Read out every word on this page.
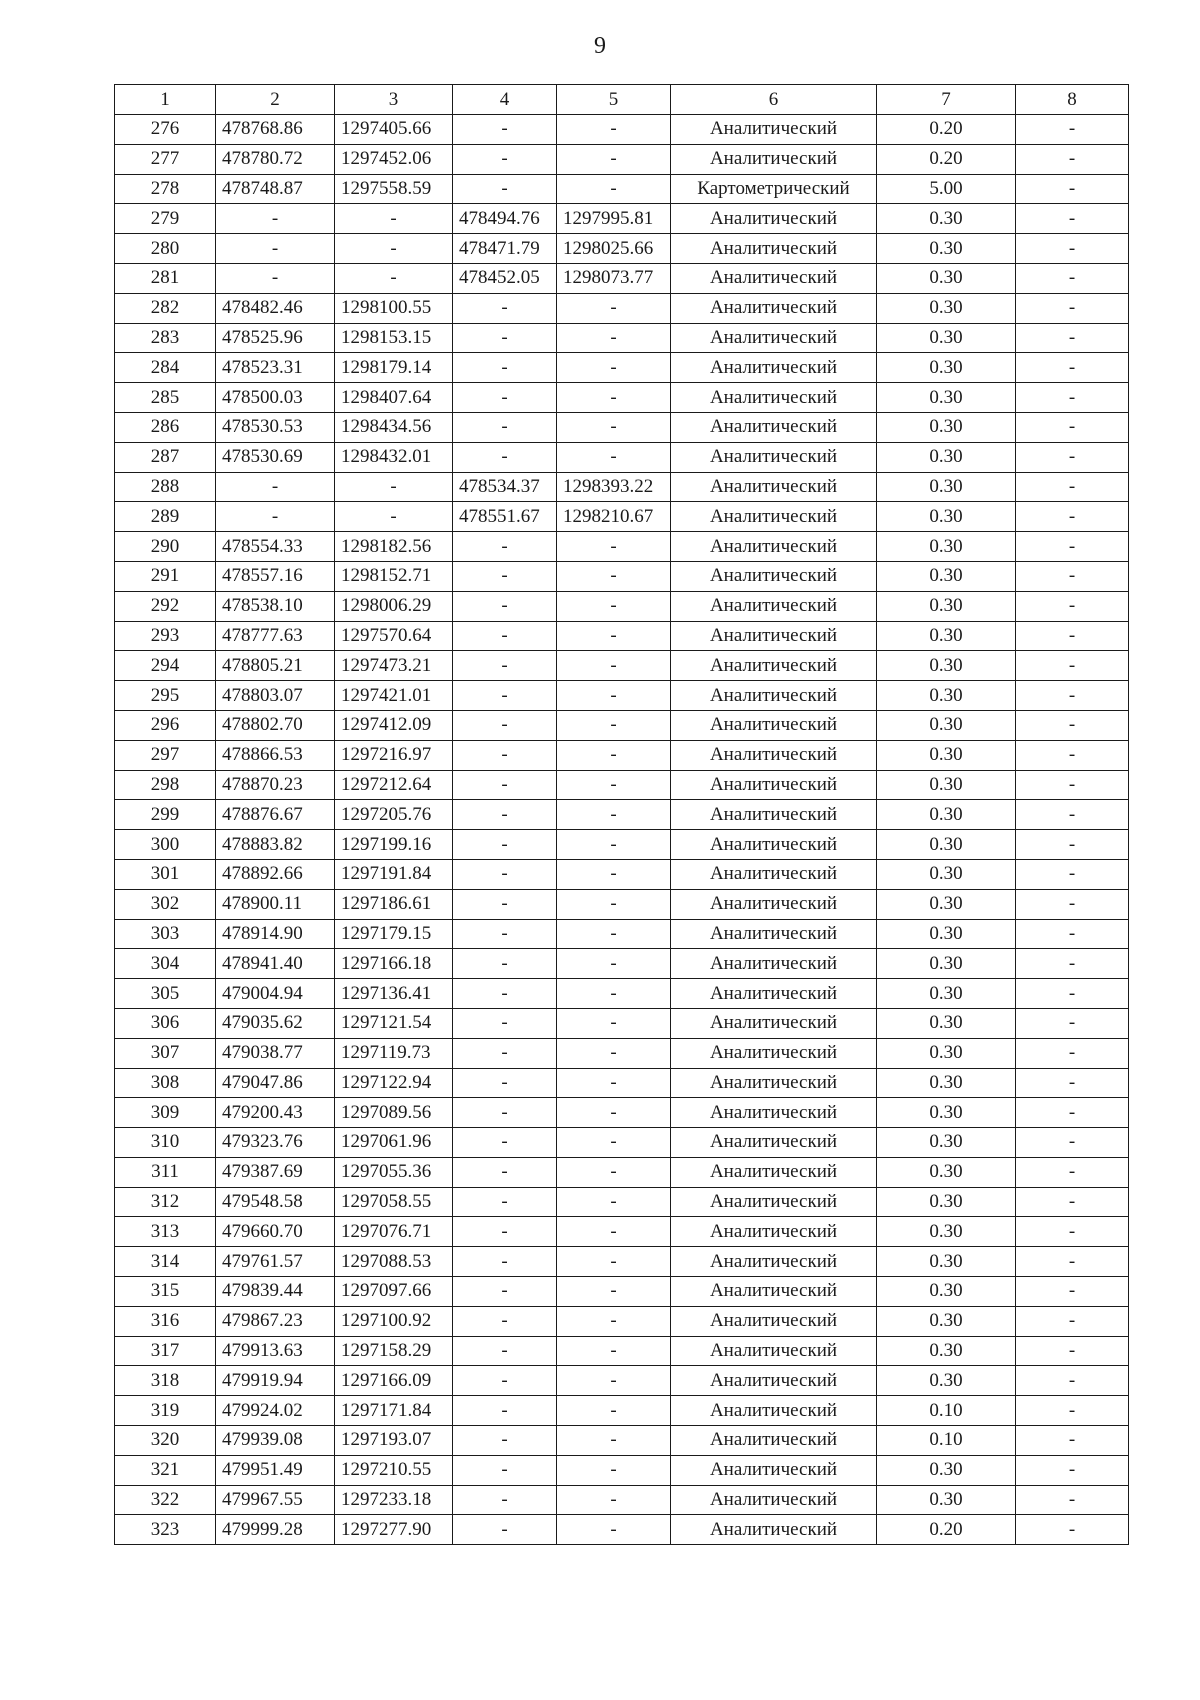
9
1	2	3	4	5	6	7	8
276	478768.86	1297405.66	-	-	Аналитический	0.20	-
277	478780.72	1297452.06	-	-	Аналитический	0.20	-
278	478748.87	1297558.59	-	-	Картометрический	5.00	-
279	-	-	478494.76	1297995.81	Аналитический	0.30	-
280	-	-	478471.79	1298025.66	Аналитический	0.30	-
281	-	-	478452.05	1298073.77	Аналитический	0.30	-
282	478482.46	1298100.55	-	-	Аналитический	0.30	-
283	478525.96	1298153.15	-	-	Аналитический	0.30	-
284	478523.31	1298179.14	-	-	Аналитический	0.30	-
285	478500.03	1298407.64	-	-	Аналитический	0.30	-
286	478530.53	1298434.56	-	-	Аналитический	0.30	-
287	478530.69	1298432.01	-	-	Аналитический	0.30	-
288	-	-	478534.37	1298393.22	Аналитический	0.30	-
289	-	-	478551.67	1298210.67	Аналитический	0.30	-
290	478554.33	1298182.56	-	-	Аналитический	0.30	-
291	478557.16	1298152.71	-	-	Аналитический	0.30	-
292	478538.10	1298006.29	-	-	Аналитический	0.30	-
293	478777.63	1297570.64	-	-	Аналитический	0.30	-
294	478805.21	1297473.21	-	-	Аналитический	0.30	-
295	478803.07	1297421.01	-	-	Аналитический	0.30	-
296	478802.70	1297412.09	-	-	Аналитический	0.30	-
297	478866.53	1297216.97	-	-	Аналитический	0.30	-
298	478870.23	1297212.64	-	-	Аналитический	0.30	-
299	478876.67	1297205.76	-	-	Аналитический	0.30	-
300	478883.82	1297199.16	-	-	Аналитический	0.30	-
301	478892.66	1297191.84	-	-	Аналитический	0.30	-
302	478900.11	1297186.61	-	-	Аналитический	0.30	-
303	478914.90	1297179.15	-	-	Аналитический	0.30	-
304	478941.40	1297166.18	-	-	Аналитический	0.30	-
305	479004.94	1297136.41	-	-	Аналитический	0.30	-
306	479035.62	1297121.54	-	-	Аналитический	0.30	-
307	479038.77	1297119.73	-	-	Аналитический	0.30	-
308	479047.86	1297122.94	-	-	Аналитический	0.30	-
309	479200.43	1297089.56	-	-	Аналитический	0.30	-
310	479323.76	1297061.96	-	-	Аналитический	0.30	-
311	479387.69	1297055.36	-	-	Аналитический	0.30	-
312	479548.58	1297058.55	-	-	Аналитический	0.30	-
313	479660.70	1297076.71	-	-	Аналитический	0.30	-
314	479761.57	1297088.53	-	-	Аналитический	0.30	-
315	479839.44	1297097.66	-	-	Аналитический	0.30	-
316	479867.23	1297100.92	-	-	Аналитический	0.30	-
317	479913.63	1297158.29	-	-	Аналитический	0.30	-
318	479919.94	1297166.09	-	-	Аналитический	0.30	-
319	479924.02	1297171.84	-	-	Аналитический	0.10	-
320	479939.08	1297193.07	-	-	Аналитический	0.10	-
321	479951.49	1297210.55	-	-	Аналитический	0.30	-
322	479967.55	1297233.18	-	-	Аналитический	0.30	-
323	479999.28	1297277.90	-	-	Аналитический	0.20	-
